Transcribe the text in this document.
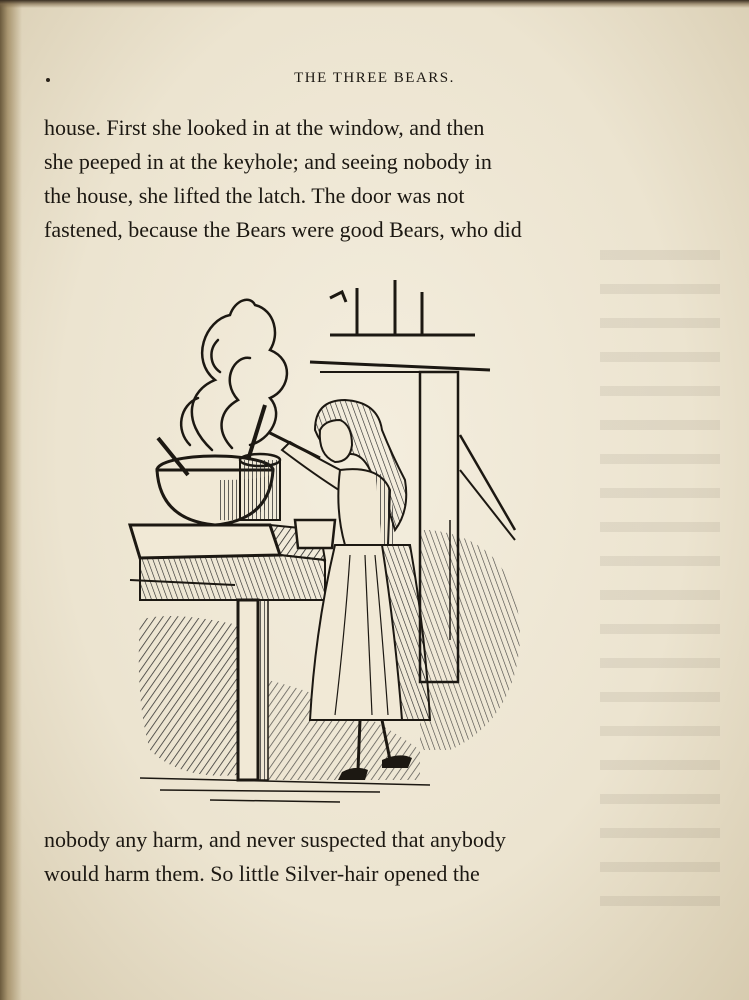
THE THREE BEARS.
house. First she looked in at the window, and then
she peeped in at the keyhole; and seeing nobody in
the house, she lifted the latch. The door was not
fastened, because the Bears were good Bears, who did
nobody any harm, and never suspected that anybody
would harm them. So little Silver-hair opened the
